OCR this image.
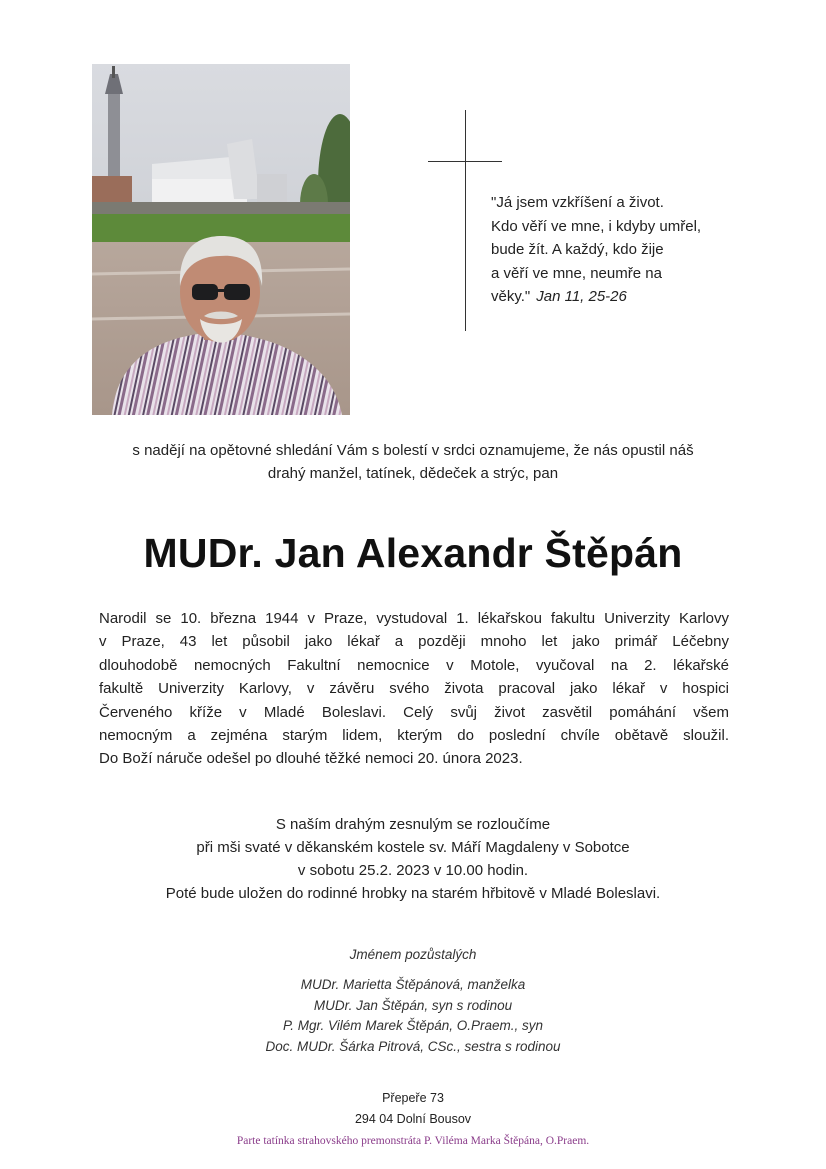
"Já jsem vzkříšení a život.
Kdo věří ve mne, i kdyby umřel,
bude žít. A každý, kdo žije
a věří ve mne, neumře na
věky." Jan 11, 25-26
s nadějí na opětovné shledání Vám s bolestí v srdci oznamujeme, že nás opustil náš
drahý manžel, tatínek, dědeček a strýc, pan
MUDr. Jan Alexandr Štěpán
Narodil se 10. března 1944 v Praze, vystudoval 1. lékařskou fakultu Univerzity Karlovy
v Praze, 43 let působil jako lékař a později mnoho let jako primář Léčebny
dlouhodobě nemocných Fakultní nemocnice v Motole, vyučoval na 2. lékařské
fakultě Univerzity Karlovy, v závěru svého života pracoval jako lékař v hospici
Červeného kříže v Mladé Boleslavi. Celý svůj život zasvětil pomáhání všem
nemocným a zejména starým lidem, kterým do poslední chvíle obětavě sloužil.
Do Boží náruče odešel po dlouhé těžké nemoci 20. února 2023.
S naším drahým zesnulým se rozloučíme
při mši svaté v děkanském kostele sv. Máří Magdaleny v Sobotce
v sobotu 25.2. 2023 v 10.00 hodin.
Poté bude uložen do rodinné hrobky na starém hřbitově v Mladé Boleslavi.
Jménem pozůstalých
MUDr. Marietta Štěpánová, manželka
MUDr. Jan Štěpán, syn s rodinou
P. Mgr. Vilém Marek Štěpán, O.Praem., syn
Doc. MUDr. Šárka Pitrová, CSc., sestra s rodinou
Přepeře 73
294 04 Dolní Bousov
Parte tatínka strahovského premonstráta P. Viléma Marka Štěpána, O.Praem.
